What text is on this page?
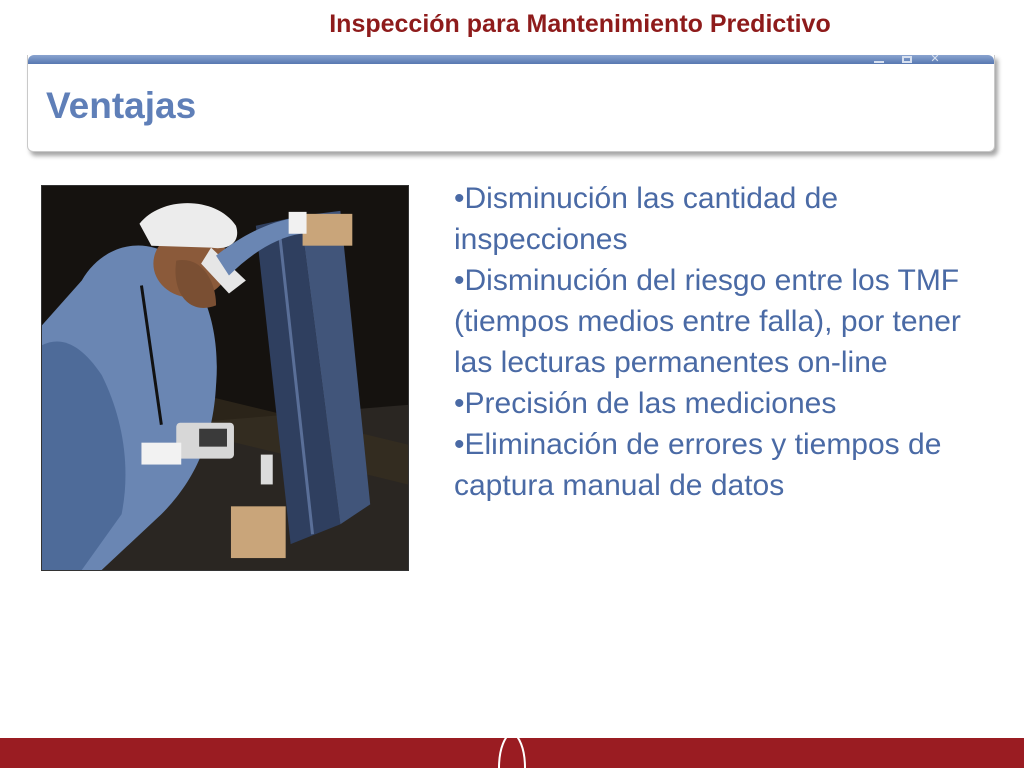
Inspección para Mantenimiento Predictivo
✕
Ventajas

•Disminución las cantidad de inspecciones

•Disminución del riesgo entre los TMF (tiempos medios entre falla), por tener las lecturas permanentes on-line

•Precisión de las mediciones

•Eliminación de errores y tiempos de captura manual de datos
